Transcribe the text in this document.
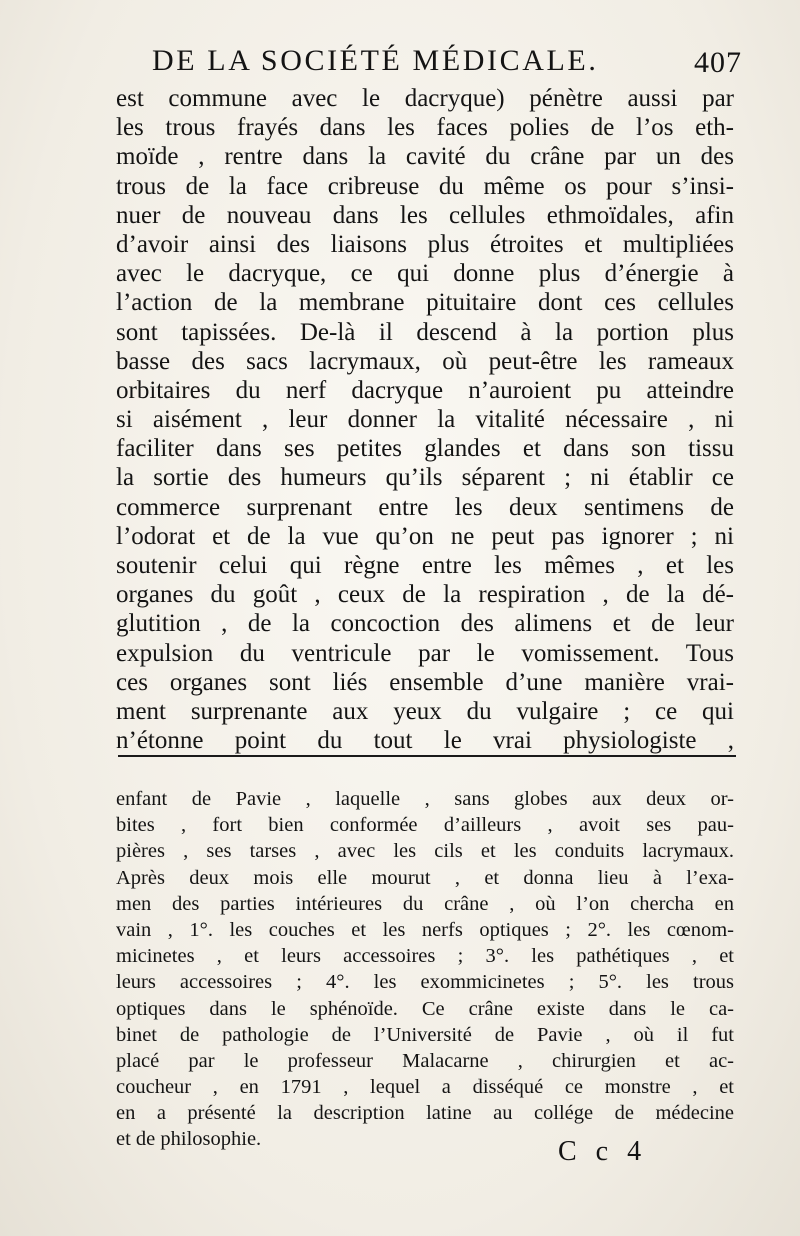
DE LA SOCIÉTÉ MÉDICALE.	407
est commune avec le dacryque) pénètre aussi par
les trous frayés dans les faces polies de l’os eth-
moïde , rentre dans la cavité du crâne par un des
trous de la face cribreuse du même os pour s’insi-
nuer de nouveau dans les cellules ethmoïdales, afin
d’avoir ainsi des liaisons plus étroites et multipliées
avec le dacryque, ce qui donne plus d’énergie à
l’action de la membrane pituitaire dont ces cellules
sont tapissées. De-là il descend à la portion plus
basse des sacs lacrymaux, où peut-être les rameaux
orbitaires du nerf dacryque n’auroient pu atteindre
si aisément , leur donner la vitalité nécessaire , ni
faciliter dans ses petites glandes et dans son tissu
la sortie des humeurs qu’ils séparent ; ni établir ce
commerce surprenant entre les deux sentimens de
l’odorat et de la vue qu’on ne peut pas ignorer ; ni
soutenir celui qui règne entre les mêmes , et les
organes du goût , ceux de la respiration , de la dé-
glutition , de la concoction des alimens et de leur
expulsion du ventricule par le vomissement. Tous
ces organes sont liés ensemble d’une manière vrai-
ment surprenante aux yeux du vulgaire ; ce qui
n’étonne point du tout le vrai physiologiste ,
enfant de Pavie , laquelle , sans globes aux deux or-
bites , fort bien conformée d’ailleurs , avoit ses pau-
pières , ses tarses , avec les cils et les conduits lacrymaux.
Après deux mois elle mourut , et donna lieu à l’exa-
men des parties intérieures du crâne , où l’on chercha en
vain , 1°. les couches et les nerfs optiques ; 2°. les cœnom-
micinetes , et leurs accessoires ; 3°. les pathétiques , et
leurs accessoires ; 4°. les exommicinetes ; 5°. les trous
optiques dans le sphénoïde. Ce crâne existe dans le ca-
binet de pathologie de l’Université de Pavie , où il fut
placé par le professeur Malacarne , chirurgien et ac-
coucheur , en 1791 , lequel a disséqué ce monstre , et
en a présenté la description latine au collége de médecine
et de philosophie.	C c 4
